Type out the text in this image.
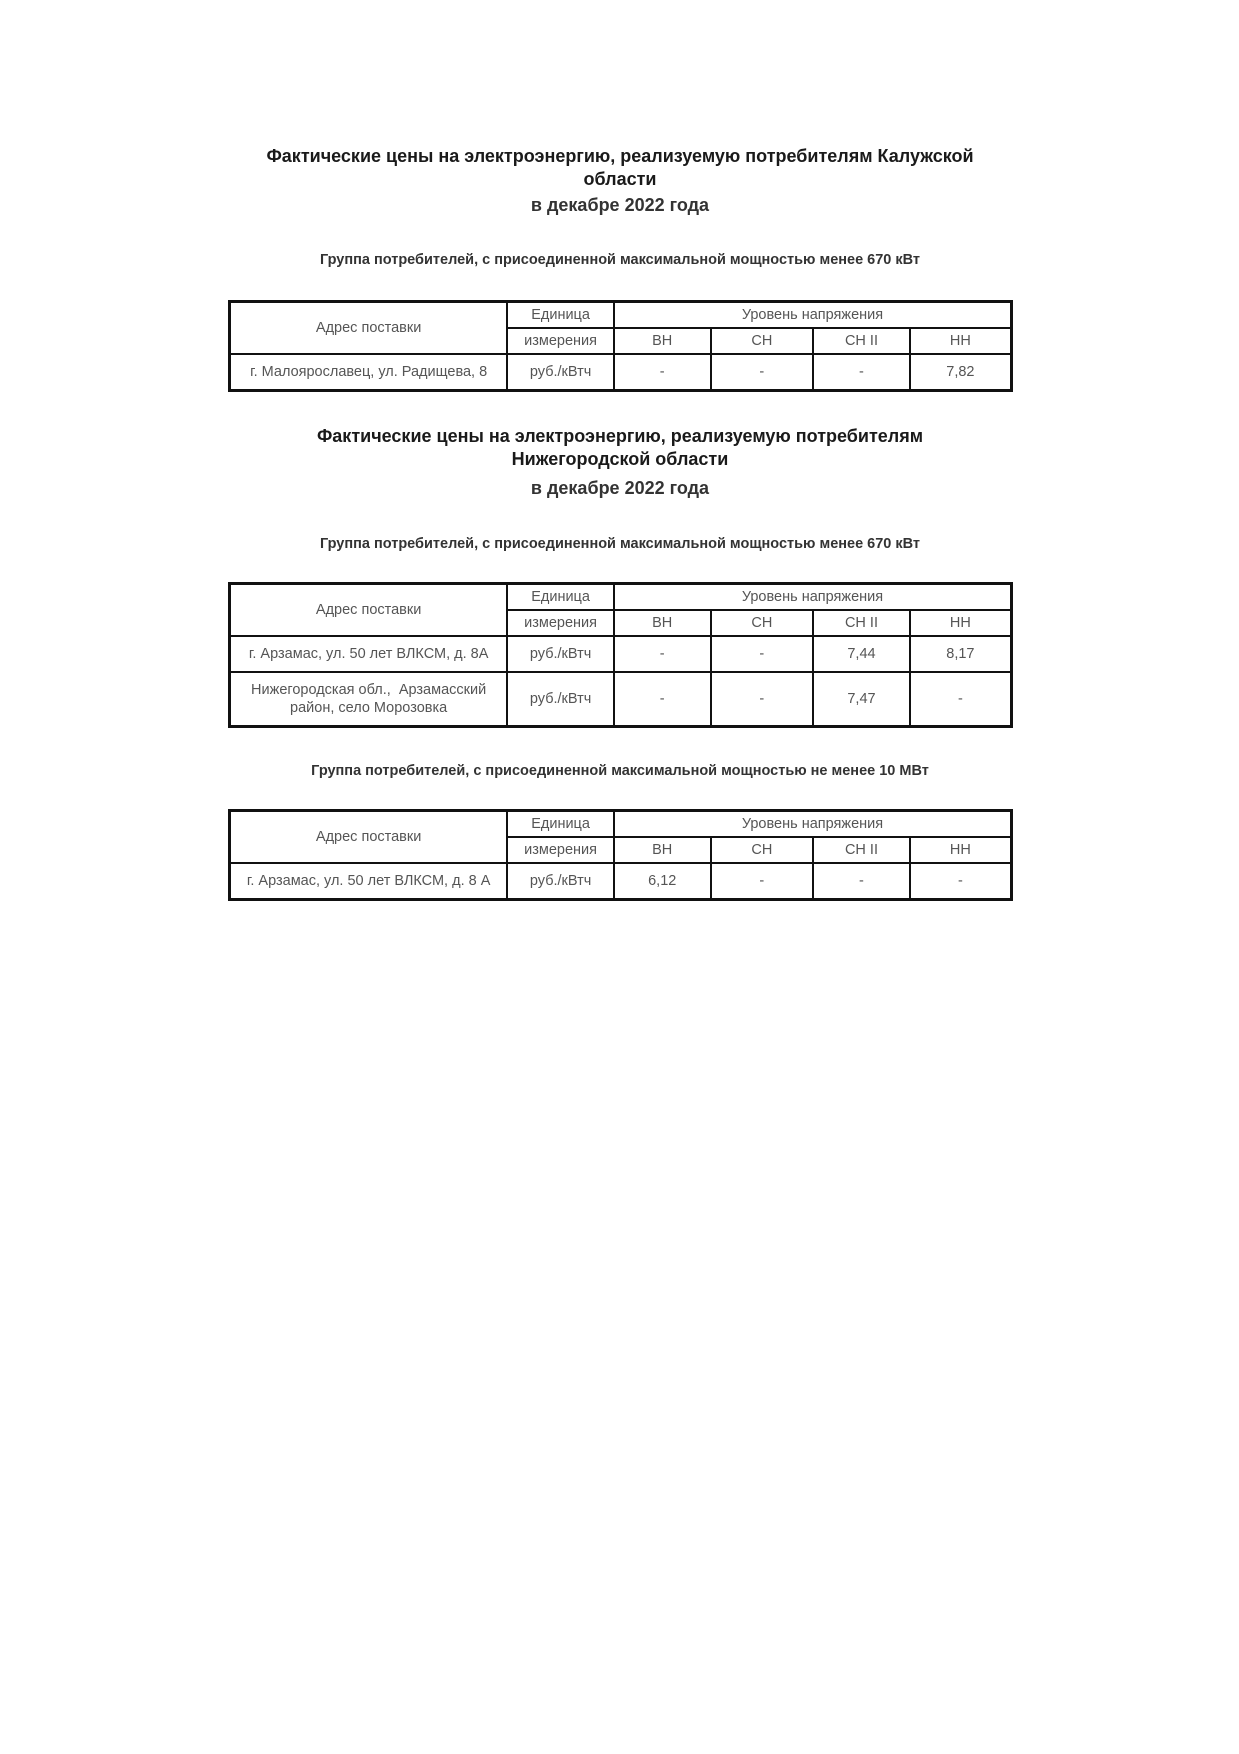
Фактические цены на электроэнергию, реализуемую потребителям Калужской
области
в декабре 2022 года
Группа потребителей, с присоединенной максимальной мощностью менее 670 кВт
Адрес поставки	Единица	Уровень напряжения			
	измерения	ВН	СН	СН II	НН
г. Малоярославец, ул. Радищева, 8	руб./кВтч	-	-	-	7,82
Фактические цены на электроэнергию, реализуемую потребителям
Нижегородской области
в декабре 2022 года
Группа потребителей, с присоединенной максимальной мощностью менее 670 кВт
Адрес поставки	Единица	Уровень напряжения			
	измерения	ВН	СН	СН II	НН
г. Арзамас, ул. 50 лет ВЛКСМ, д. 8А	руб./кВтч	-	-	7,44	8,17

Нижегородская обл.,  Арзамасский
район, село Морозовка	руб./кВтч	-	-	7,47	-
Группа потребителей, с присоединенной максимальной мощностью не менее 10 МВт
Адрес поставки	Единица	Уровень напряжения			
	измерения	ВН	СН	СН II	НН
г. Арзамас, ул. 50 лет ВЛКСМ, д. 8 А	руб./кВтч	6,12	-	-	-
